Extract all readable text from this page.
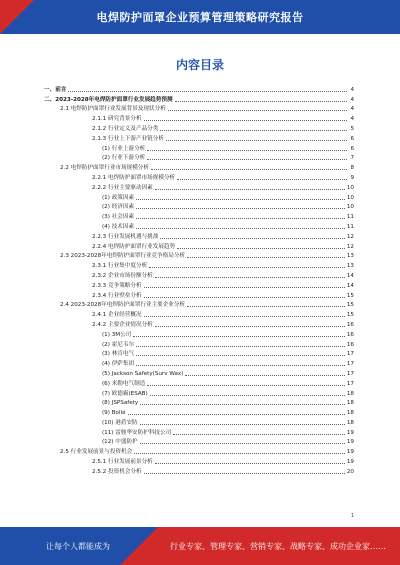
电焊防护面罩企业预算管理策略研究报告
内容目录
一、前言	4
二、2023-2028年电焊防护面罩行业发展趋势预测	4
2.1 电焊防护面罩行业发展背景及现状分析	4
2.1.1 研究背景分析	4
2.1.2 行业定义及产品分类	5
2.1.3 行业上下游产业链分析	6
(1) 行业上游分析	6
(2) 行业下游分析	7
2.2 电焊防护面罩行业市场规模分析	8
2.2.1 电焊防护面罩市场规模分析	9
2.2.2 行业主要驱动因素	10
(1) 政策因素	10
(2) 经济因素	10
(3) 社会因素	11
(4) 技术因素	11
2.2.3 行业发展机遇与挑战	12
2.2.4 电焊防护面罩行业发展趋势	12
2.3 2023-2028年电焊防护面罩行业竞争格局分析	13
2.3.1 行业集中度分析	13
2.3.2 企业市场份额分析	14
2.3.3 竞争策略分析	14
2.3.4 行业壁垒分析	15
2.4 2023-2028年电焊防护面罩行业主要企业分析	15
2.4.1 企业经营概况	15
2.4.2 主要企业情况分析	16
(1) 3M公司	16
(2) 霍尼韦尔	16
(3) 林肯电气	17
(4) 伊萨集团	17
(5) Jackson Safety(Surv Wax)	17
(6) 米勒电气制造	17
(7) 欧德霸(ESAB)	18
(8) JSPSafety	18
(9) Bollé	18
(10) 港盾安防	18
(11) 雷骏华安防护科技公司	19
(12) 中盛防护	19
2.5 行业发展前景与投资机会	19
2.5.1 行业发展前景分析	19
2.5.2 投资机会分析	20
1
让每个人都能成为	行业专家、管理专家、营销专家、战略专家、成功企业家……
